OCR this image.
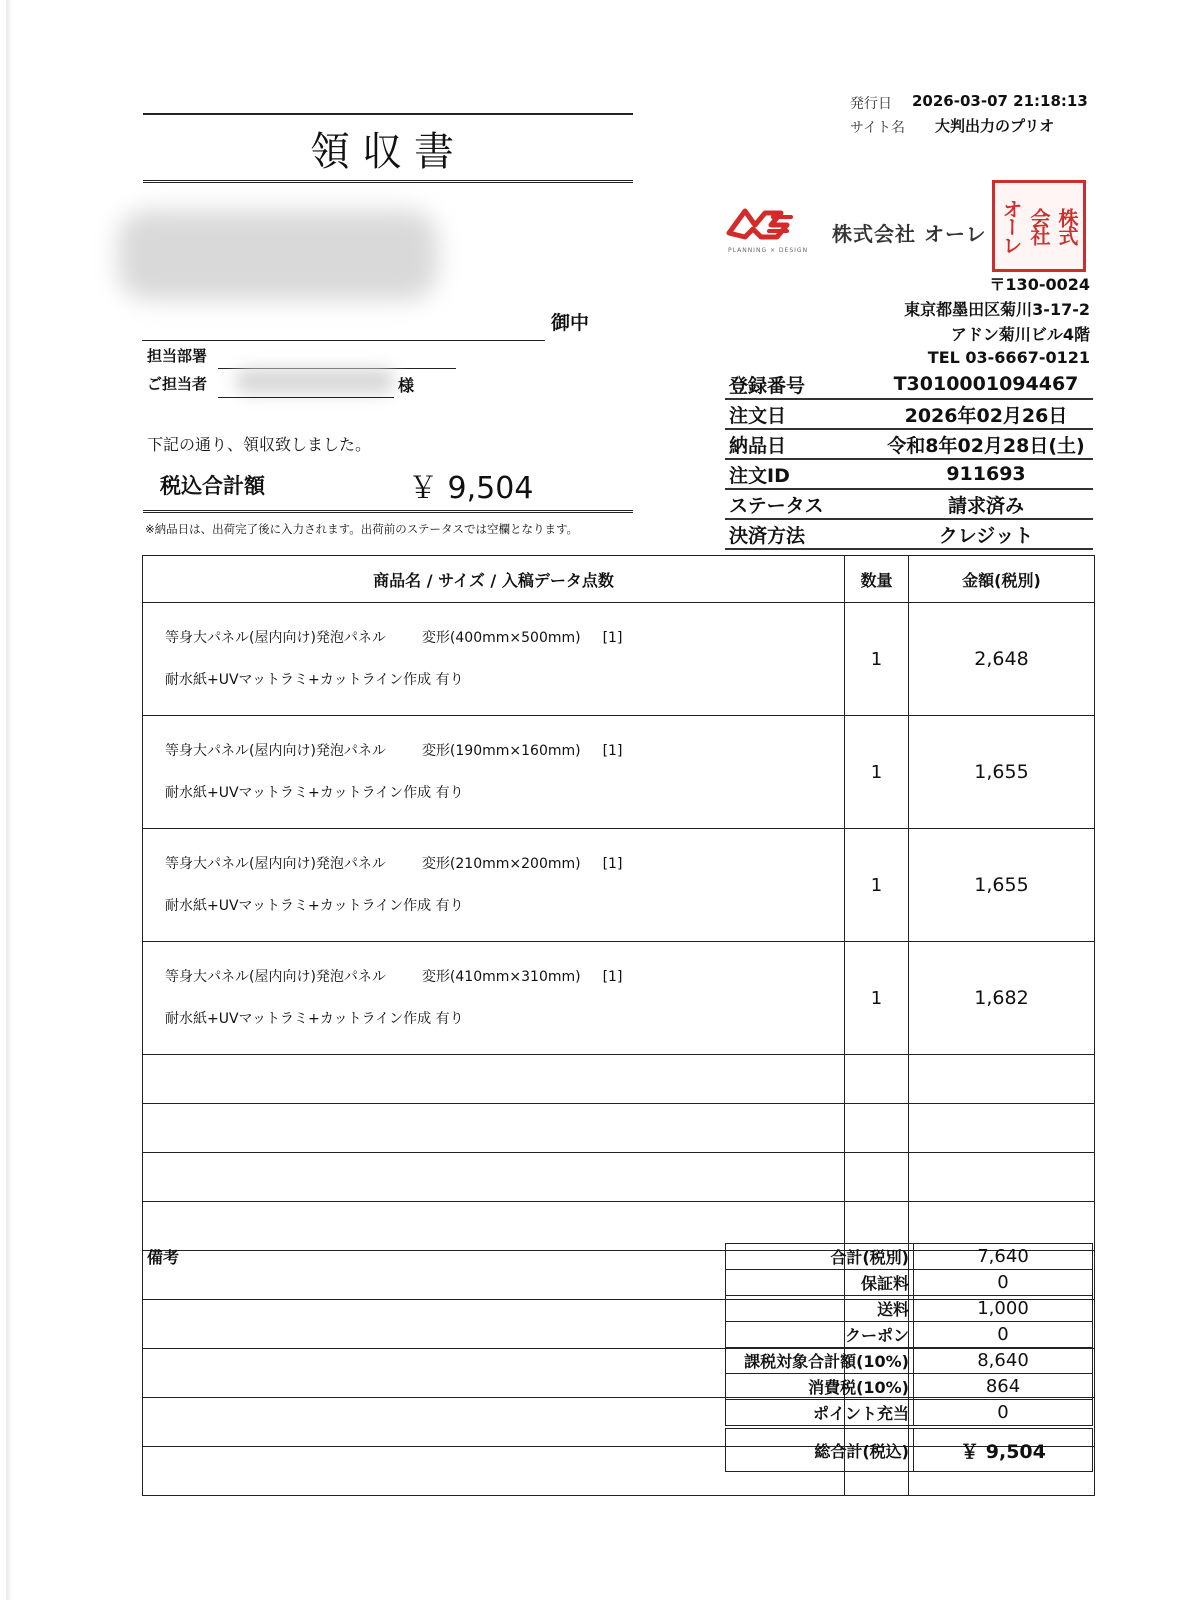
発行日 2026-03-07 21:18:13
サイト名 大判出力のプリオ
領収書
御中
担当部署
ご担当者	様
下記の通り、領収致しました。
税込合計額	￥ 9,504
※納品日は、出荷完了後に入力されます。出荷前のステータスでは空欄となります。
PLANNING × DESIGN
株式会社 オーレ	株式
会社
オーレ
〒130-0024
東京都墨田区菊川3-17-2
アドン菊川ビル4階
TEL 03-6667-0121
登録番号	T3010001094467
注文日	2026年02月26日
納品日	令和8年02月28日(土)
注文ID	911693
ステータス	請求済み
決済方法	クレジット
商品名 / サイズ / 入稿データ点数	数量	金額(税別)

等身大パネル(屋内向け)発泡パネル 変形(400mm×500mm) [1]

耐水紙+UVマットラミ+カットライン作成 有り	1	2,648

等身大パネル(屋内向け)発泡パネル 変形(190mm×160mm) [1]

耐水紙+UVマットラミ+カットライン作成 有り	1	1,655

等身大パネル(屋内向け)発泡パネル 変形(210mm×200mm) [1]

耐水紙+UVマットラミ+カットライン作成 有り	1	1,655

等身大パネル(屋内向け)発泡パネル 変形(410mm×310mm) [1]

耐水紙+UVマットラミ+カットライン作成 有り	1	1,682

備考	合計(税別)	7,640
保証料	0
送料	1,000
クーポン	0
課税対象合計額(10%)	8,640
消費税(10%)	864
ポイント充当	0
総合計(税込)	￥ 9,504
